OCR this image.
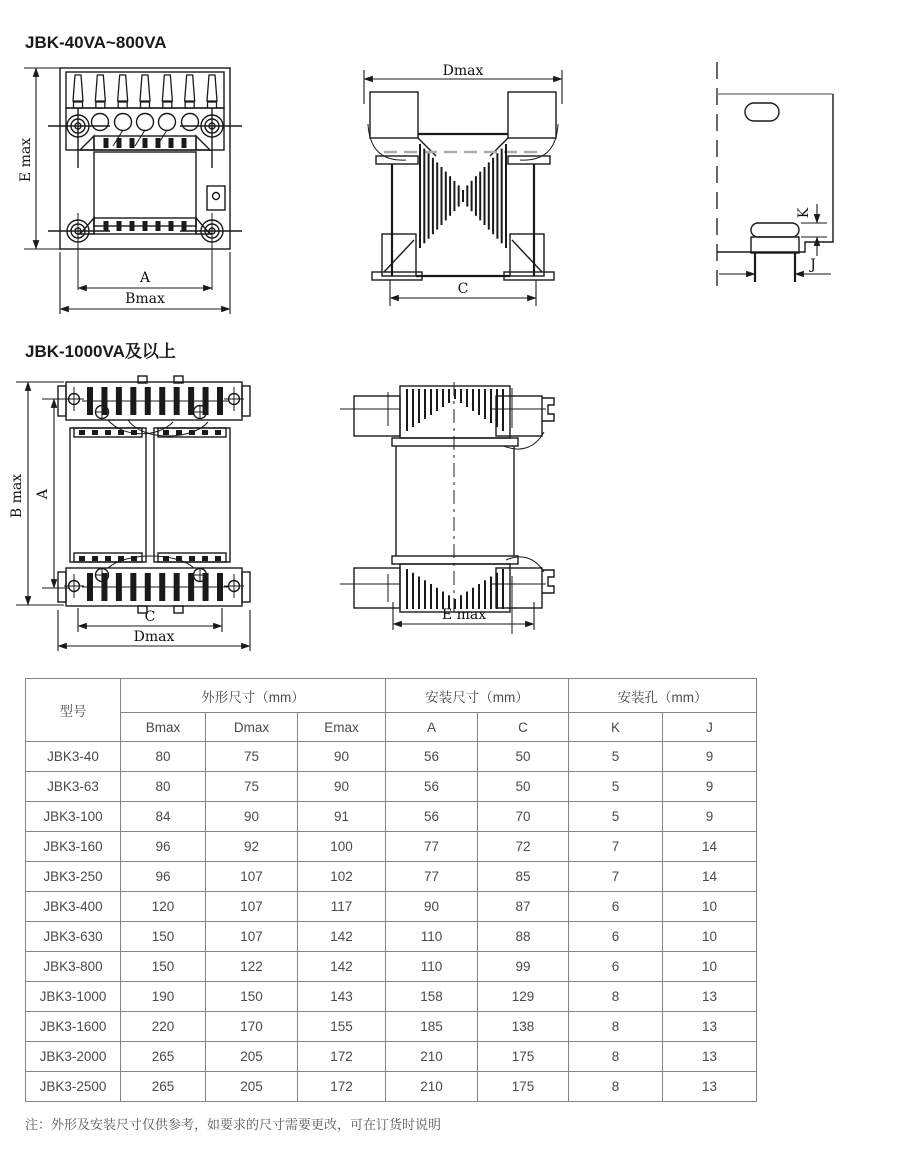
JBK-40VA~800VA
E max
A
Bmax
Dmax
C
K
J
JBK-1000VA及以上
B max A
C
Dmax
E max
型号	外形尺寸（mm）			安装尺寸（mm）		安装孔（mm）	
	Bmax	Dmax	Emax	A	C	K	J
JBK3-40	80	75	90	56	50	5	9
JBK3-63	80	75	90	56	50	5	9
JBK3-100	84	90	91	56	70	5	9
JBK3-160	96	92	100	77	72	7	14
JBK3-250	96	107	102	77	85	7	14
JBK3-400	120	107	117	90	87	6	10
JBK3-630	150	107	142	110	88	6	10
JBK3-800	150	122	142	110	99	6	10
JBK3-1000	190	150	143	158	129	8	13
JBK3-1600	220	170	155	185	138	8	13
JBK3-2000	265	205	172	210	175	8	13
JBK3-2500	265	205	172	210	175	8	13
注：外形及安装尺寸仅供参考，如要求的尺寸需要更改，可在订货时说明
